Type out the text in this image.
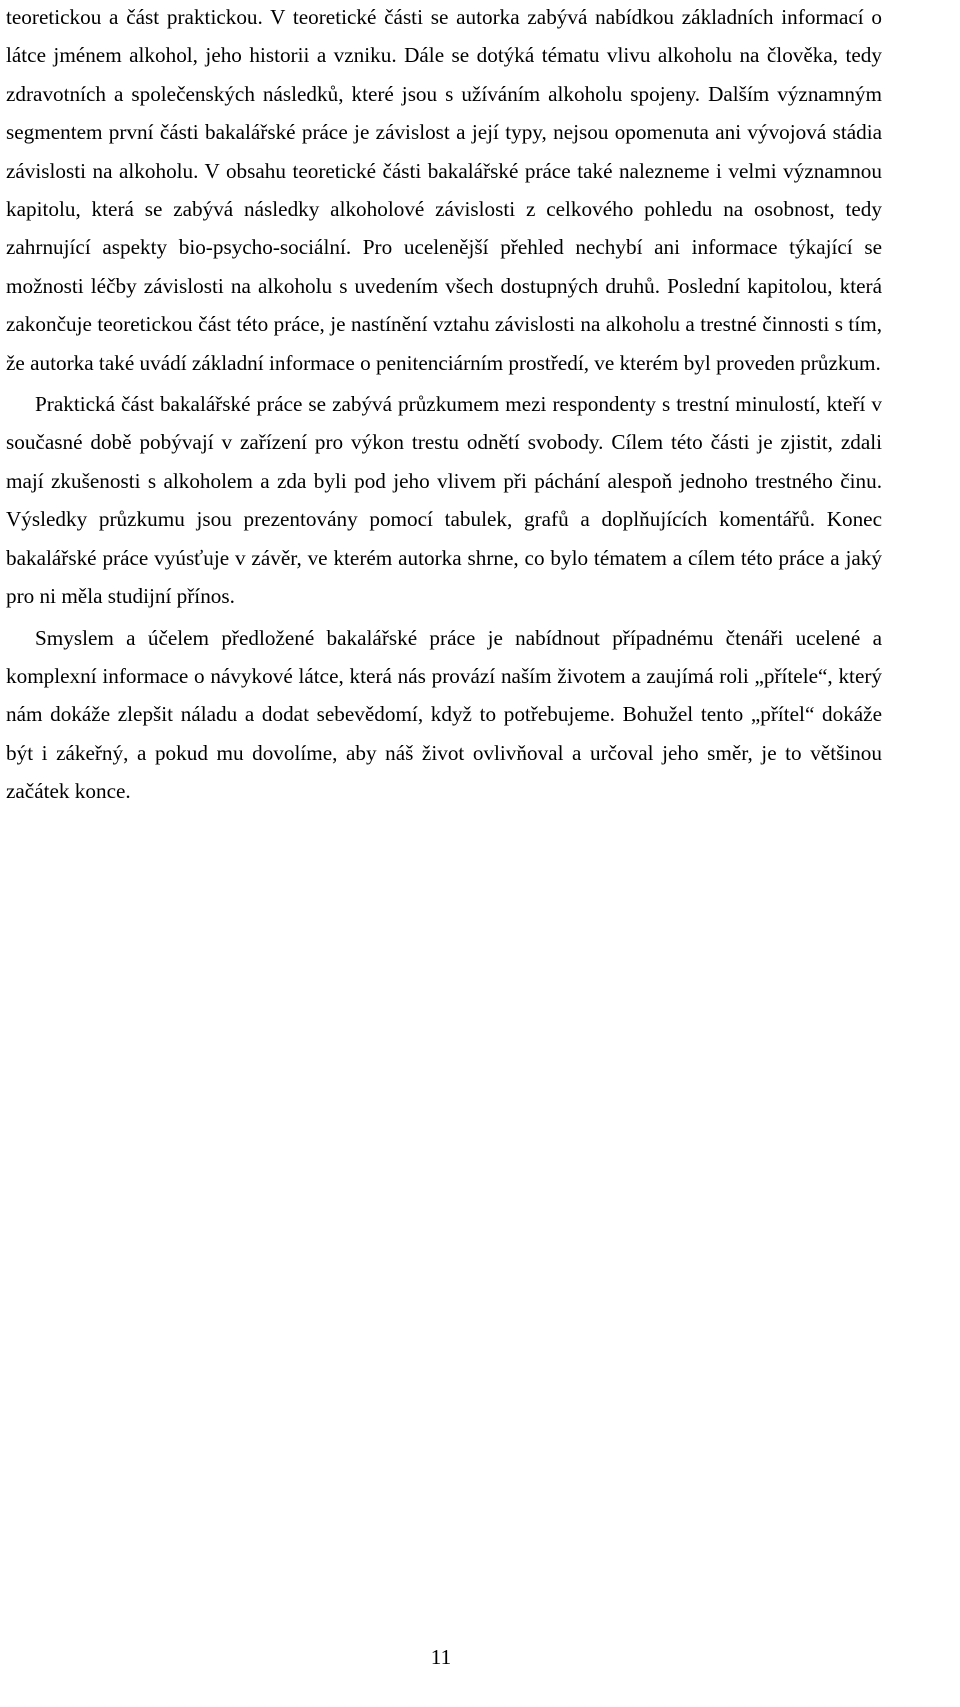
teoretickou a část praktickou. V teoretické části se autorka zabývá nabídkou základních informací o látce jménem alkohol, jeho historii a vzniku. Dále se dotýká tématu vlivu alkoholu na člověka, tedy zdravotních a společenských následků, které jsou s užíváním alkoholu spojeny. Dalším významným segmentem první části bakalářské práce je závislost a její typy, nejsou opomenuta ani vývojová stádia závislosti na alkoholu. V obsahu teoretické části bakalářské práce také nalezneme i velmi významnou kapitolu, která se zabývá následky alkoholové závislosti z celkového pohledu na osobnost, tedy zahrnující aspekty bio-psycho-sociální. Pro ucelenější přehled nechybí ani informace týkající se možnosti léčby závislosti na alkoholu s uvedením všech dostupných druhů. Poslední kapitolou, která zakončuje teoretickou část této práce, je nastínění vztahu závislosti na alkoholu a trestné činnosti s tím, že autorka také uvádí základní informace o penitenciárním prostředí, ve kterém byl proveden průzkum.

Praktická část bakalářské práce se zabývá průzkumem mezi respondenty s trestní minulostí, kteří v současné době pobývají v zařízení pro výkon trestu odnětí svobody. Cílem této části je zjistit, zdali mají zkušenosti s alkoholem a zda byli pod jeho vlivem při páchání alespoň jednoho trestného činu. Výsledky průzkumu jsou prezentovány pomocí tabulek, grafů a doplňujících komentářů. Konec bakalářské práce vyúsťuje v závěr, ve kterém autorka shrne, co bylo tématem a cílem této práce a jaký pro ni měla studijní přínos.

Smyslem a účelem předložené bakalářské práce je nabídnout případnému čtenáři ucelené a komplexní informace o návykové látce, která nás provází naším životem a zaujímá roli „přítele“, který nám dokáže zlepšit náladu a dodat sebevědomí, když to potřebujeme. Bohužel tento „přítel“ dokáže být i zákeřný, a pokud mu dovolíme, aby náš život ovlivňoval a určoval jeho směr, je to většinou začátek konce.

11
